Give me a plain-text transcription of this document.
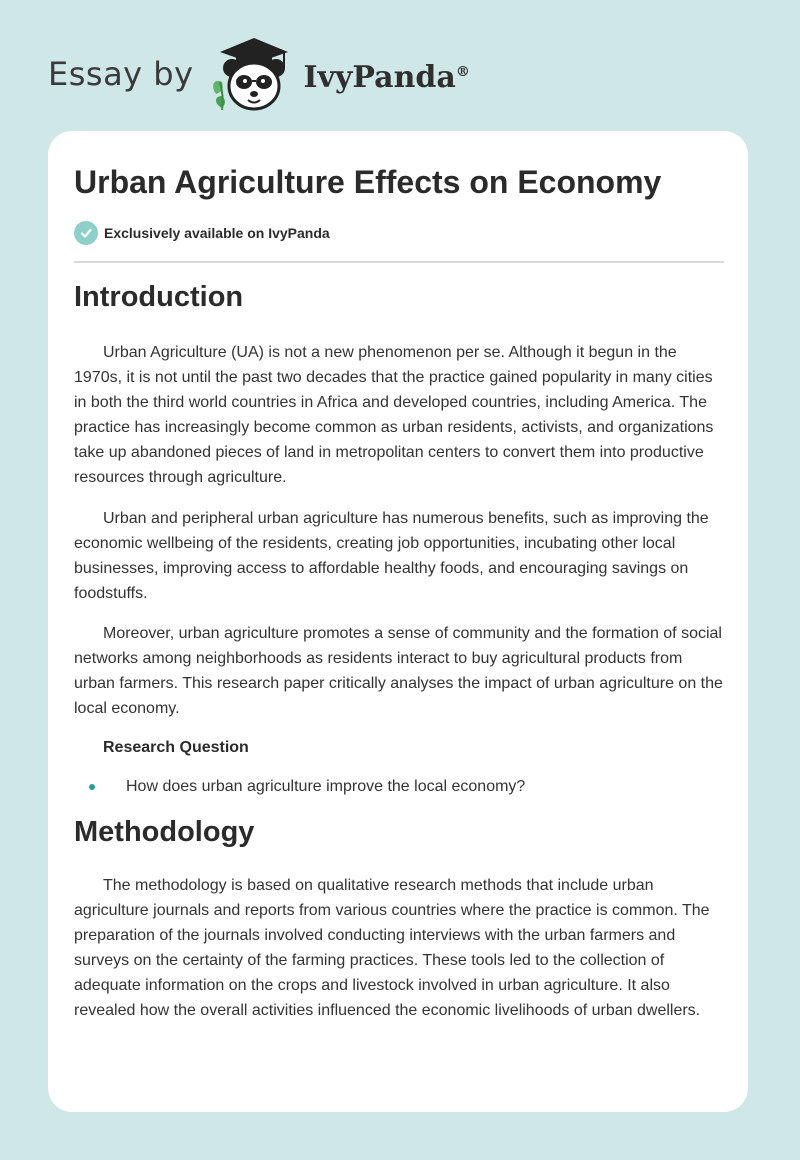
Essay by	IvyPanda®
Urban Agriculture Effects on Economy
Exclusively available on IvyPanda
Introduction

Urban Agriculture (UA) is not a new phenomenon per se. Although it begun in the 1970s, it is not until the past two decades that the practice gained popularity in many cities in both the third world countries in Africa and developed countries, including America. The practice has increasingly become common as urban residents, activists, and organizations take up abandoned pieces of land in metropolitan centers to convert them into productive resources through agriculture.

Urban and peripheral urban agriculture has numerous benefits, such as improving the economic wellbeing of the residents, creating job opportunities, incubating other local businesses, improving access to affordable healthy foods, and encouraging savings on foodstuffs.

Moreover, urban agriculture promotes a sense of community and the formation of social networks among neighborhoods as residents interact to buy agricultural products from urban farmers. This research paper critically analyses the impact of urban agriculture on the local economy.

Research Question
How does urban agriculture improve the local economy?
Methodology

The methodology is based on qualitative research methods that include urban agriculture journals and reports from various countries where the practice is common. The preparation of the journals involved conducting interviews with the urban farmers and surveys on the certainty of the farming practices. These tools led to the collection of adequate information on the crops and livestock involved in urban agriculture. It also revealed how the overall activities influenced the economic livelihoods of urban dwellers.
